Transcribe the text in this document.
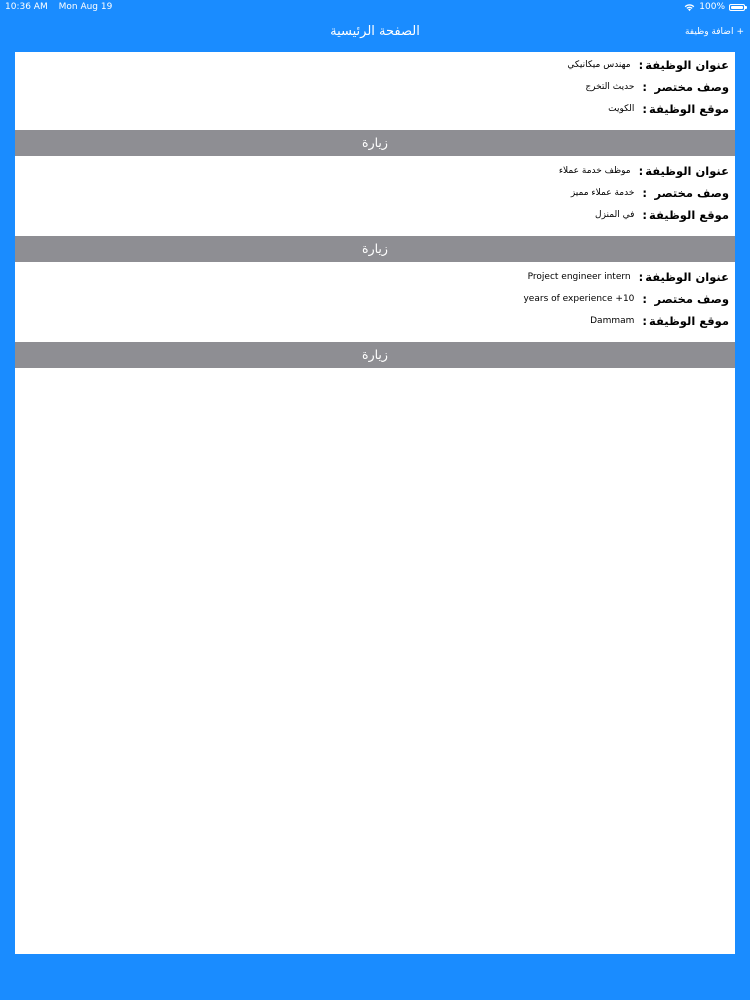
10:36 AM Mon Aug 19	100%
الصفحة الرئيسية	+
اضافة وظيفة
عنوان الوظيفة
:
مهندس ميكانيكي
وصف مختصر
:
حديث التخرج
موقع الوظيفة
:
الكويت
زيارة
عنوان الوظيفة
:
موظف خدمة عملاء
وصف مختصر
:
خدمة عملاء مميز
موقع الوظيفة
:
في المنزل
زيارة
عنوان الوظيفة
:
Project engineer intern
وصف مختصر
:
10+ years of experience
موقع الوظيفة
:
Dammam
زيارة
